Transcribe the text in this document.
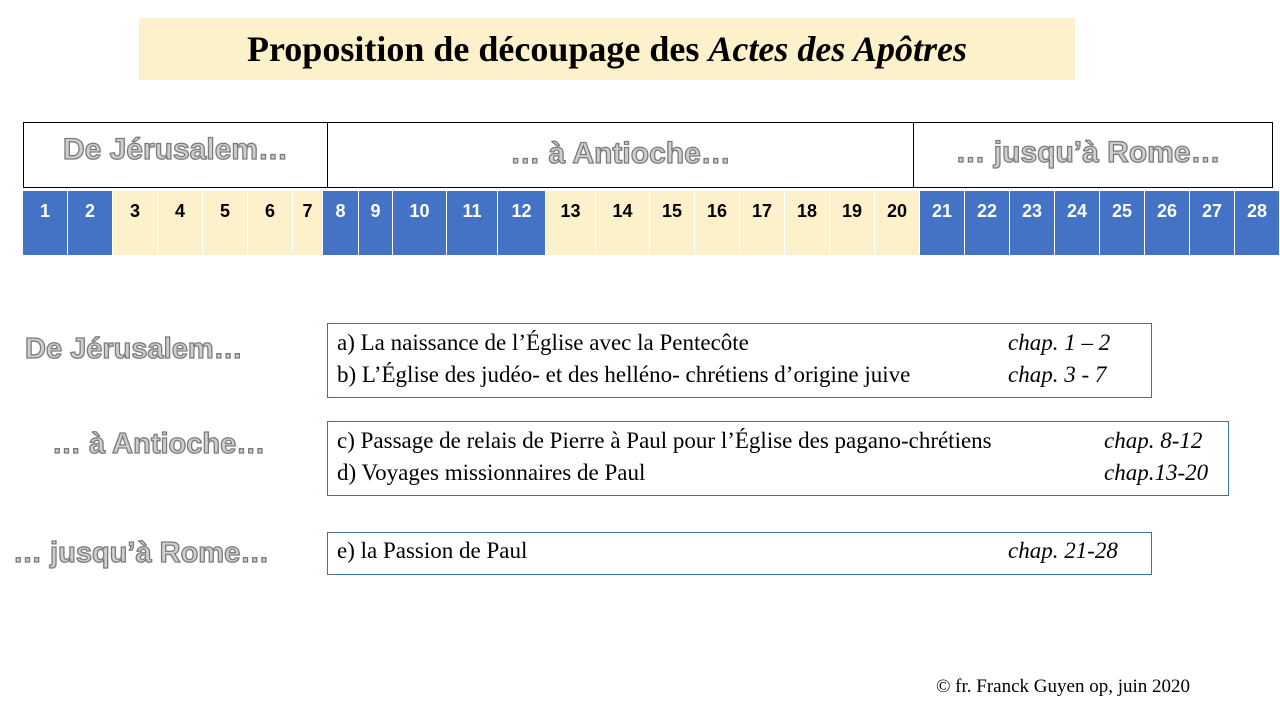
Proposition de découpage des Actes des Apôtres
De Jérusalem…	… à Antioche…	… jusqu’à Rome…
1	2	3	4	5	6	7	8	9	10	11	12	13	14	15	16	17	18	19	20	21	22	23	24	25	26	27	28
De Jérusalem…
… à Antioche…
… jusqu’à Rome…
a) La naissance de l’Église avec la Pentecôte	chap. 1 – 2
b) L’Église des judéo- et des helléno- chrétiens d’origine juive	chap. 3 - 7
c) Passage de relais de Pierre à Paul pour l’Église des pagano-chrétiens	chap. 8-12
d) Voyages missionnaires de Paul	chap.13-20
e) la Passion de Paul	chap. 21-28
© fr. Franck Guyen op, juin 2020
